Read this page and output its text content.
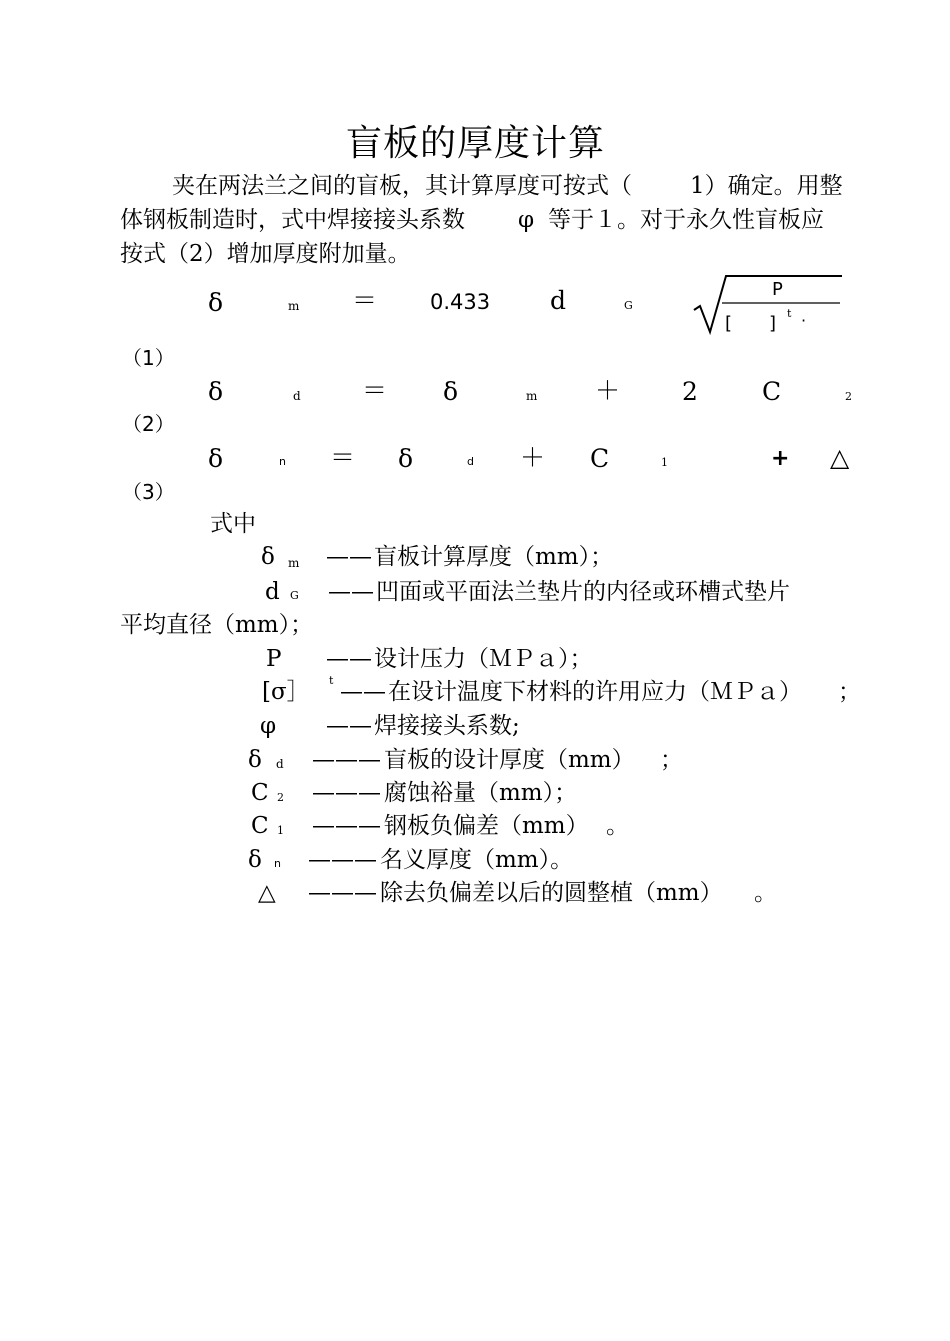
盲板的厚度计算
夹在两法兰之间的盲板，其计算厚度可按式（	1）确定。用整
体钢板制造时，式中焊接接头系数 φ 等于１。对于永久性盲板应
按式（2）增加厚度附加量。
δ	m ＝	0.433 d	G
P
[ ] t ·
（1）
δ	d ＝ δ	m ＋ 2	C	2
（2）
δ	n ＝ δ	d ＋ C	1	+ △
（3）
式中
δ m —— 盲板计算厚度（mm）；
d G —— 凹面或平面法兰垫片的内径或环槽式垫片
平均直径（mm）；
P —— 设计压力（ＭＰａ）；
[σ］ t —— 在设计温度下材料的许用应力（ＭＰａ） ；
φ —— 焊接接头系数;
δ d ——— 盲板的设计厚度（mm） ；
C 2 ——— 腐蚀裕量（mm）；
C 1 ——— 钢板负偏差（mm） 。
δ n ——— 名义厚度（mm）。
△ ——— 除去负偏差以后的圆整植（mm） 。
